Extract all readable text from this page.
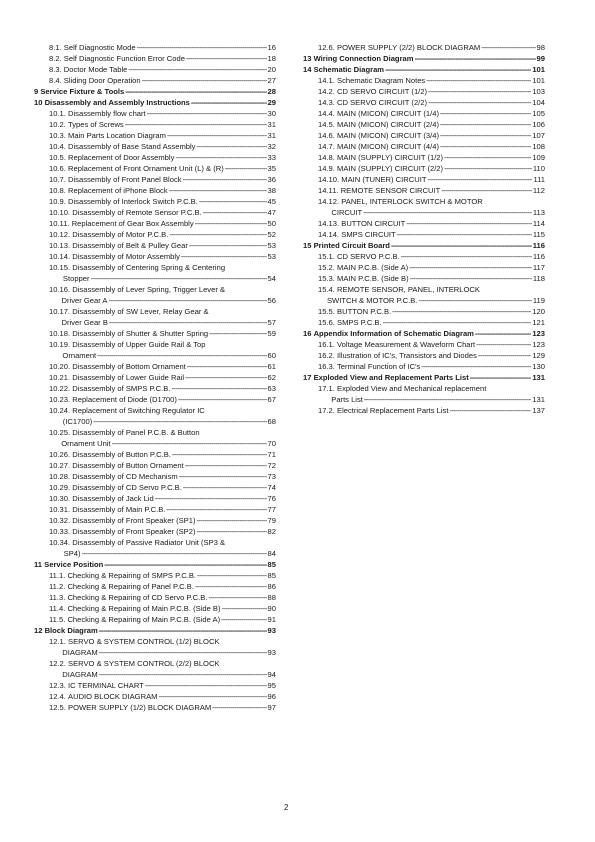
8.1.
Self Diagnostic Mode -----	16
8.2.
Self Diagnostic Function Error Code -----	18
8.3.
Doctor Mode Table -----	20
8.4.
Sliding Door Operation -----	27
9
Service Fixture & Tools -----	28
10
Disassembly and Assembly Instructions -----	29
10.1.
Disassembly flow chart -----	30
10.2.
Types of Screws -----	31
10.3.
Main Parts Location Diagram -----	31
10.4.
Disassembly of Base Stand Assembly -----	32
10.5.
Replacement of Door Assembly -----	33
10.6.
Replacement of Front Ornament Unit (L) & (R) -----	35
10.7.
Disassembly of Front Panel Block -----	36
10.8.
Replacement of iPhone Block -----	38
10.9.
Disassembly of Interlock Switch P.C.B. -----	45
10.10.
Disassembly of Remote Sensor P.C.B. -----	47
10.11.
Replacement of Gear Box Assembly -----	50
10.12.
Disassembly of Motor P.C.B. -----	52
10.13.
Disassembly of Belt & Pulley Gear -----	53
10.14.
Disassembly of Motor Assembly -----	53
10.15.
Disassembly of Centering Spring & Centering
Stopper -----	54
10.16.
Disassembly of Lever Spring, Trigger Lever &
Driver Gear A -----	56
10.17.
Disassembly of SW Lever, Relay Gear &
Driver Gear B -----	57
10.18.
Disassembly of Shutter & Shutter Spring -----	59
10.19.
Disassembly of Upper Guide Rail & Top
Ornament -----	60
10.20.
Disassembly of Bottom Ornament -----	61
10.21.
Disassembly of Lower Guide Rail -----	62
10.22.
Disassembly of SMPS P.C.B. -----	63
10.23.
Replacement of Diode (D1700) -----	67
10.24.
Replacement of Switching Regulator IC
(IC1700) -----	68
10.25.
Disassembly of Panel P.C.B. & Button
Ornament Unit -----	70
10.26.
Disassembly of Button P.C.B. -----	71
10.27.
Disassembly of Button Ornament -----	72
10.28.
Disassembly of CD Mechanism -----	73
10.29.
Disassembly of CD Servo P.C.B. -----	74
10.30.
Disassembly of Jack Lid -----	76
10.31.
Disassembly of Main P.C.B. -----	77
10.32.
Disassembly of Front Speaker (SP1) -----	79
10.33.
Disassembly of Front Speaker (SP2) -----	82
10.34.
Disassembly of Passive Radiator Unit (SP3 &
SP4) -----	84
11
Service Position -----	85
11.1.
Checking & Repairing of SMPS P.C.B. -----	85
11.2.
Checking & Repairing of Panel P.C.B. -----	86
11.3.
Checking & Repairing of CD Servo P.C.B. -----	88
11.4.
Checking & Repairing of Main P.C.B. (Side B) -----	90
11.5.
Checking & Repairing of Main P.C.B. (Side A) -----	91
12
Block Diagram -----	93
12.1.
SERVO & SYSTEM CONTROL (1/2) BLOCK
DIAGRAM -----	93
12.2.
SERVO & SYSTEM CONTROL (2/2) BLOCK
DIAGRAM -----	94
12.3.
IC TERMINAL CHART -----	95
12.4.
AUDIO BLOCK DIAGRAM -----	96
12.5.
POWER SUPPLY (1/2) BLOCK DIAGRAM -----	97
12.6.
POWER SUPPLY (2/2) BLOCK DIAGRAM -----	98
13
Wiring Connection Diagram -----	99
14
Schematic Diagram -----	101
14.1.
Schematic Diagram Notes -----	101
14.2.
CD SERVO CIRCUIT (1/2) -----	103
14.3.
CD SERVO CIRCUIT (2/2) -----	104
14.4.
MAIN (MICON) CIRCUIT (1/4) -----	105
14.5.
MAIN (MICON) CIRCUIT (2/4) -----	106
14.6.
MAIN (MICON) CIRCUIT (3/4) -----	107
14.7.
MAIN (MICON) CIRCUIT (4/4) -----	108
14.8.
MAIN (SUPPLY) CIRCUIT (1/2) -----	109
14.9.
MAIN (SUPPLY) CIRCUIT (2/2) -----	110
14.10.
MAIN (TUNER) CIRCUIT -----	111
14.11.
REMOTE SENSOR CIRCUIT -----	112
14.12.
PANEL, INTERLOCK SWITCH & MOTOR
CIRCUIT -----	113
14.13.
BUTTON CIRCUIT -----	114
14.14.
SMPS CIRCUIT -----	115
15
Printed Circuit Board -----	116
15.1.
CD SERVO P.C.B. -----	116
15.2.
MAIN P.C.B. (Side A) -----	117
15.3.
MAIN P.C.B. (Side B) -----	118
15.4.
REMOTE SENSOR, PANEL, INTERLOCK
SWITCH & MOTOR P.C.B. -----	119
15.5.
BUTTON P.C.B. -----	120
15.6.
SMPS P.C.B. -----	121
16
Appendix Information of Schematic Diagram -----	123
16.1.
Voltage Measurement & Waveform Chart -----	123
16.2.
Illustration of IC's, Transistors and Diodes -----	129
16.3.
Terminal Function of IC's -----	130
17
Exploded View and Replacement Parts List -----	131
17.1.
Exploded View and Mechanical replacement
Parts List -----	131
17.2.
Electrical Replacement Parts List -----	137
2
